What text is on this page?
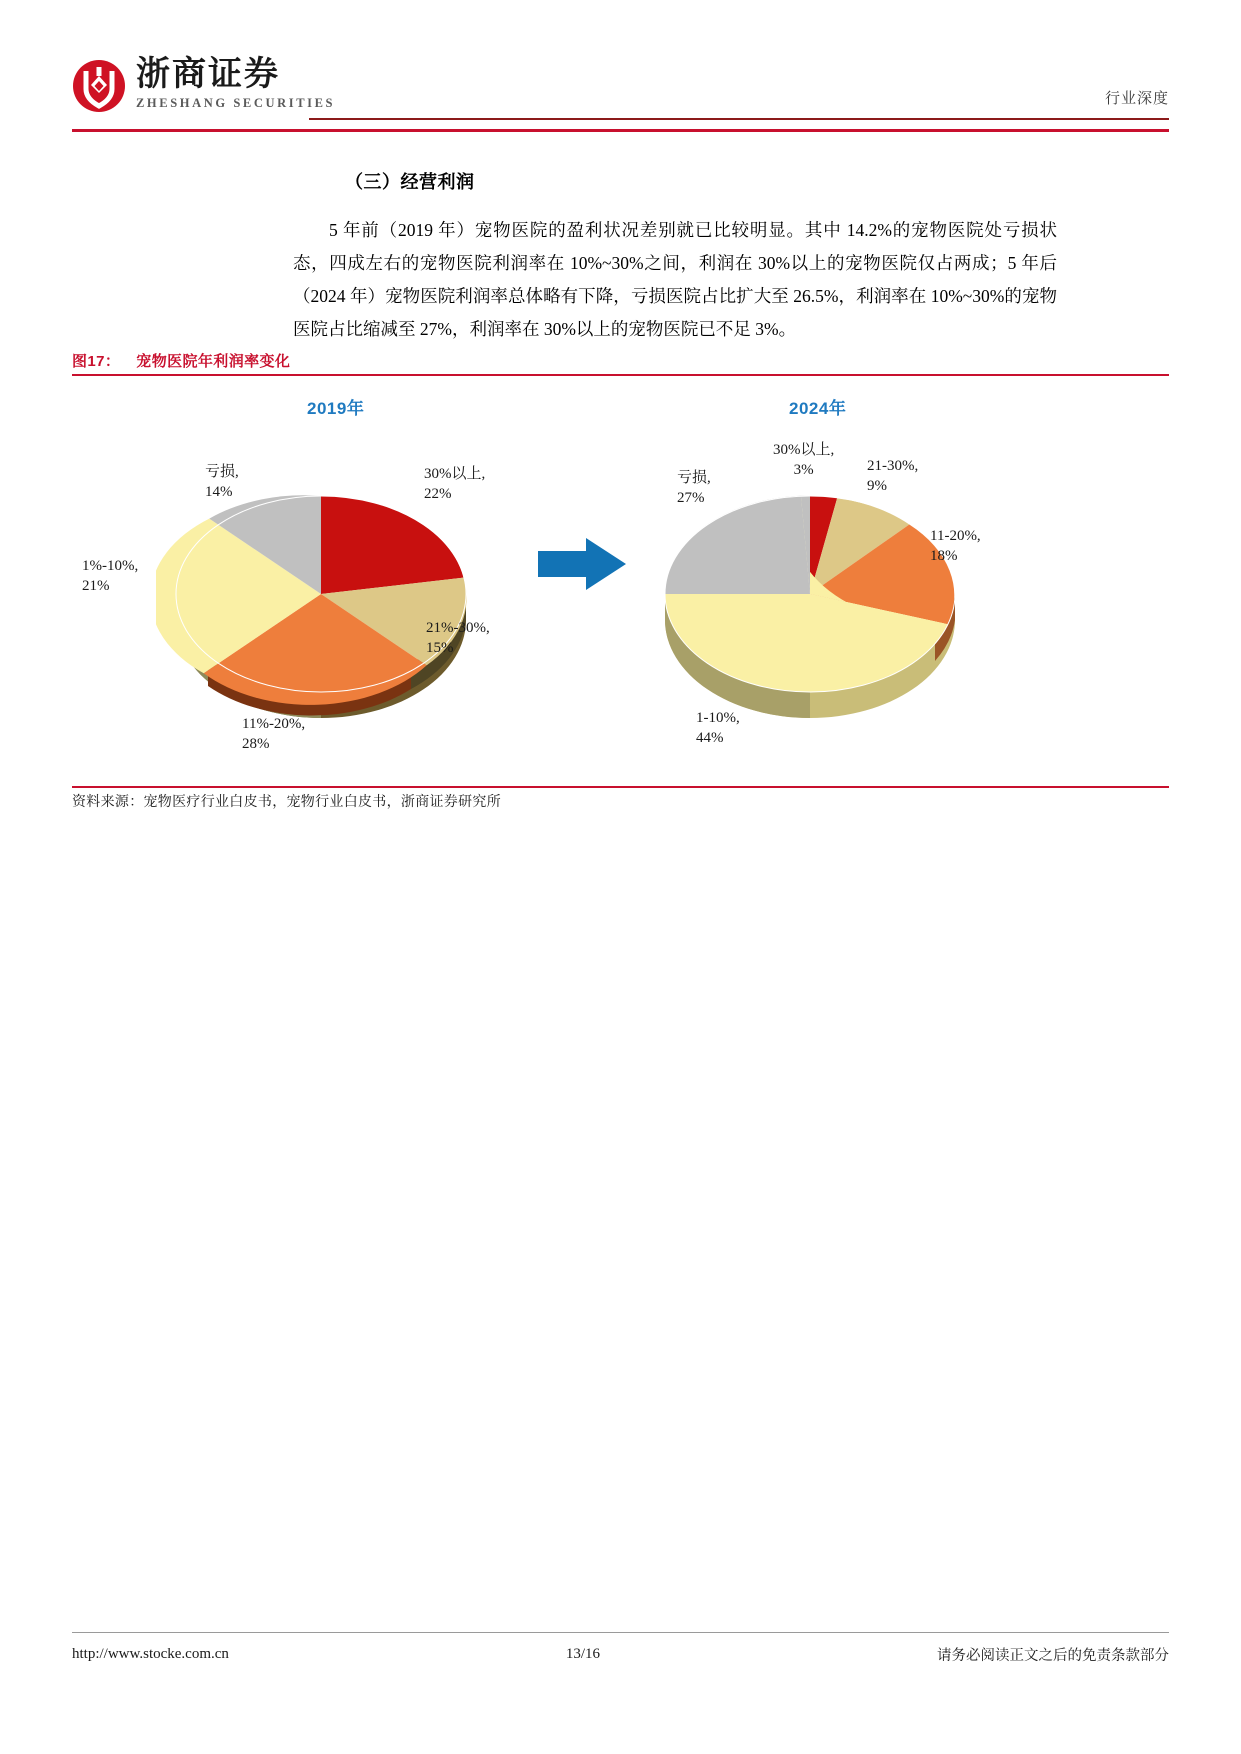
浙商证券
ZHESHANG SECURITIES	行业深度
（三）经营利润
5 年前（2019 年）宠物医院的盈利状况差别就已比较明显。其中 14.2%的宠物医院处亏损状态，四成左右的宠物医院利润率在 10%~30%之间，利润在 30%以上的宠物医院仅占两成；5 年后（2024 年）宠物医院利润率总体略有下降，亏损医院占比扩大至 26.5%，利润率在 10%~30%的宠物医院占比缩减至 27%，利润率在 30%以上的宠物医院已不足 3%。
图17： 宠物医院年利润率变化
2019年
30%以上,
22%
21%-30%,
15%
11%-20%,
28%
1%-10%,
21%
亏损,
14%
2024年
30%以上,
3%	21-30%,
9%
11-20%,
18%
1-10%,
44%
亏损,
27%
资料来源：宠物医疗行业白皮书，宠物行业白皮书，浙商证券研究所
http://www.stocke.com.cn	13/16	请务必阅读正文之后的免责条款部分
